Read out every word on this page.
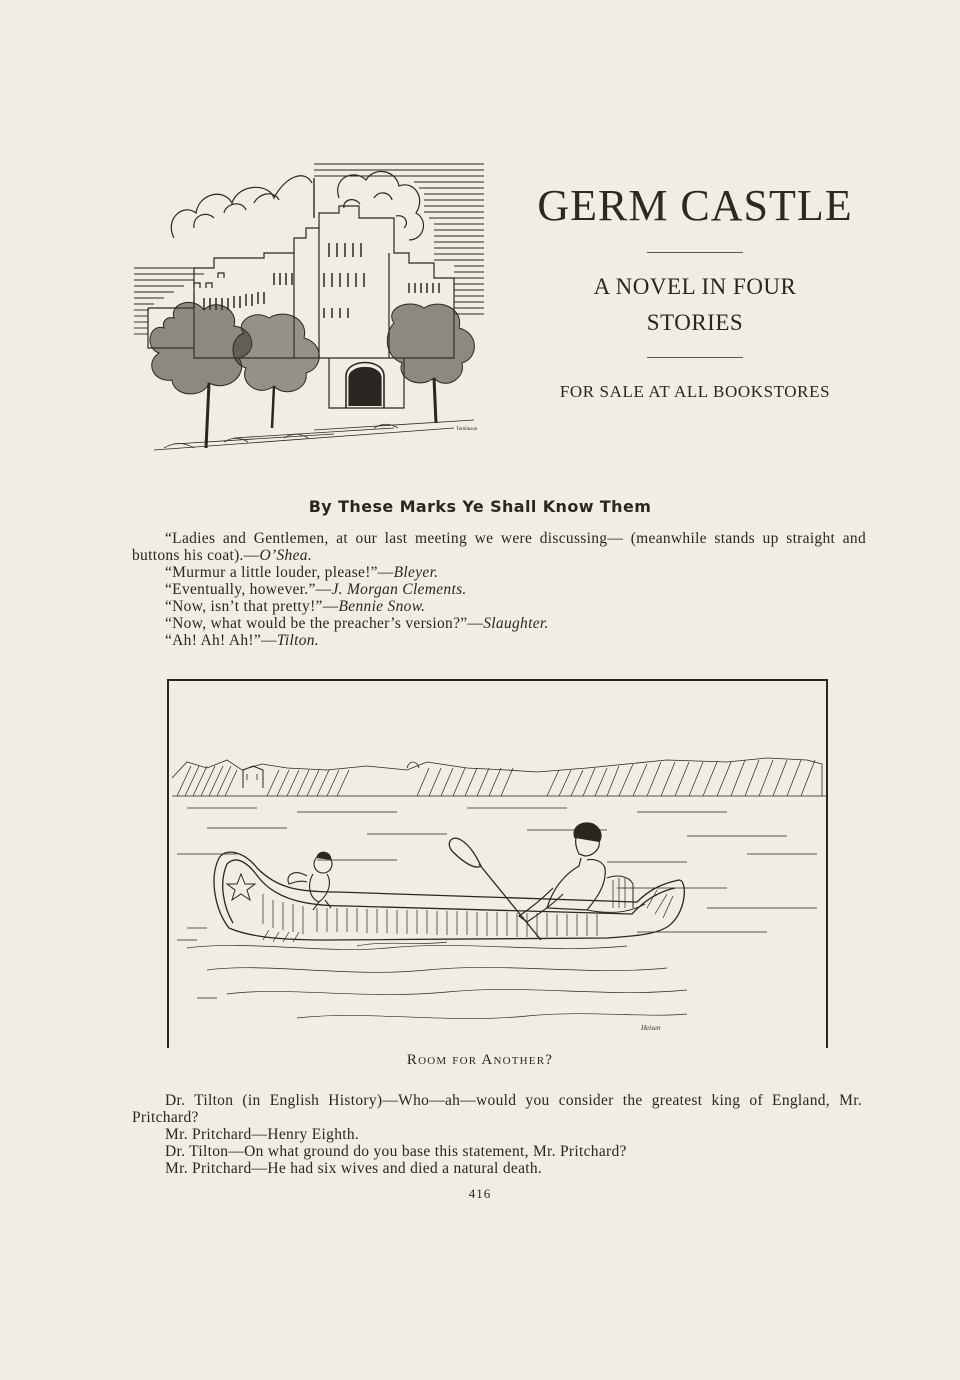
Tomlinson
GERM CASTLE
A NOVEL IN FOUR
STORIES
FOR SALE AT ALL BOOKSTORES
By These Marks Ye Shall Know Them

“Ladies and Gentlemen, at our last meeting we were discussing— (meanwhile stands up straight and buttons his coat).—O’Shea.

“Murmur a little louder, please!”—Bleyer.

“Eventually, however.”—J. Morgan Clements.

“Now, isn’t that pretty!”—Bennie Snow.

“Now, what would be the preacher’s version?”—Slaughter.

“Ah! Ah! Ah!”—Tilton.

Heisen
Room for Another?

Dr. Tilton (in English History)—Who—ah—would you consider the greatest king of England, Mr. Pritchard?

Mr. Pritchard—Henry Eighth.

Dr. Tilton—On what ground do you base this statement, Mr. Pritchard?

Mr. Pritchard—He had six wives and died a natural death.

416
